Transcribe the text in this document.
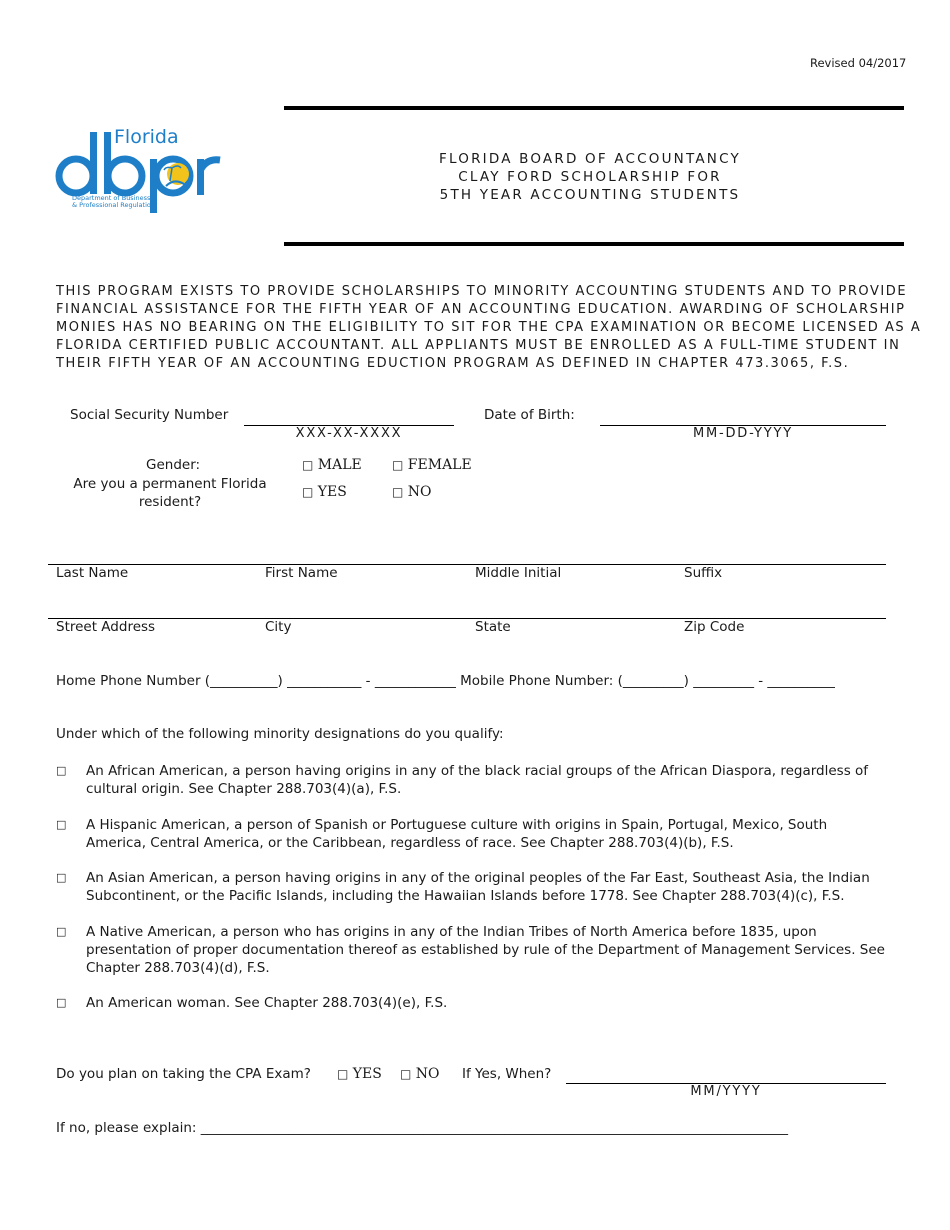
Revised 04/2017
Florida
Department of Business
& Professional Regulation
FLORIDA BOARD OF ACCOUNTANCY
CLAY FORD SCHOLARSHIP FOR
5TH YEAR ACCOUNTING STUDENTS
THIS PROGRAM EXISTS TO PROVIDE SCHOLARSHIPS TO MINORITY ACCOUNTING STUDENTS AND TO PROVIDE
FINANCIAL ASSISTANCE FOR THE FIFTH YEAR OF AN ACCOUNTING EDUCATION. AWARDING OF SCHOLARSHIP
MONIES HAS NO BEARING ON THE ELIGIBILITY TO SIT FOR THE CPA EXAMINATION OR BECOME LICENSED AS A
FLORIDA CERTIFIED PUBLIC ACCOUNTANT. ALL APPLIANTS MUST BE ENROLLED AS A FULL-TIME STUDENT IN
THEIR FIFTH YEAR OF AN ACCOUNTING EDUCTION PROGRAM AS DEFINED IN CHAPTER 473.3065, F.S.
Social Security Number
XXX-XX-XXXX
Date of Birth:
MM-DD-YYYY
Gender:	□ MALE	□ FEMALE
Are you a permanent Florida
resident?
□ YES	□ NO
Last Name	First Name	Middle Initial	Suffix
Street Address	City	State	Zip Code
Home Phone Number (__________) ___________ - ____________ Mobile Phone Number: (_________) _________ - __________
Under which of the following minority designations do you qualify:
□ An African American, a person having origins in any of the black racial groups of the African Diaspora, regardless of cultural origin. See Chapter 288.703(4)(a), F.S.
□ A Hispanic American, a person of Spanish or Portuguese culture with origins in Spain, Portugal, Mexico, South America, Central America, or the Caribbean, regardless of race. See Chapter 288.703(4)(b), F.S.
□ An Asian American, a person having origins in any of the original peoples of the Far East, Southeast Asia, the Indian Subcontinent, or the Pacific Islands, including the Hawaiian Islands before 1778. See Chapter 288.703(4)(c), F.S.
□ A Native American, a person who has origins in any of the Indian Tribes of North America before 1835, upon presentation of proper documentation thereof as established by rule of the Department of Management Services. See Chapter 288.703(4)(d), F.S.
□ An American woman. See Chapter 288.703(4)(e), F.S.
Do you plan on taking the CPA Exam? □ YES □ NO If Yes, When?
MM/YYYY
If no, please explain: _______________________________________________________________________________________
